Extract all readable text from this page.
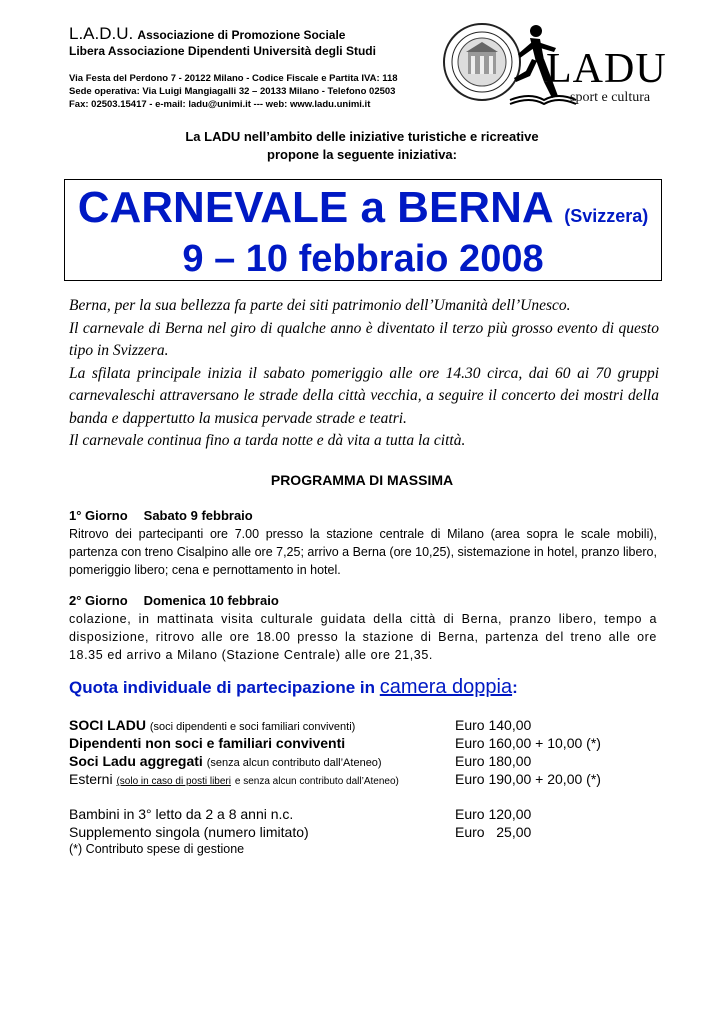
L.A.D.U. Associazione di Promozione Sociale
Libera Associazione Dipendenti Università degli Studi
Via Festa del Perdono 7 - 20122 Milano - Codice Fiscale e Partita IVA: 118
Sede operativa: Via Luigi Mangiagalli 32 – 20133 Milano - Telefono 02503
Fax: 02503.15417 - e-mail: ladu@unimi.it --- web: www.ladu.unimi.it
LADU
sport e cultura
La LADU nell’ambito delle iniziative turistiche e ricreative
propone la seguente iniziativa:
CARNEVALE a BERNA (Svizzera)
9 – 10 febbraio 2008

Berna, per la sua bellezza fa parte dei siti patrimonio dell’Umanità dell’Unesco.

Il carnevale di Berna nel giro di qualche anno è diventato il terzo più grosso evento di questo tipo in Svizzera.

La sfilata principale inizia il sabato pomeriggio alle ore 14.30 circa, dai 60 ai 70 gruppi carnevaleschi attraversano le strade della città vecchia, a seguire il concerto dei mostri della banda e dappertutto la musica pervade strade e teatri.

Il carnevale continua fino a tarda notte e dà vita a tutta la città.

PROGRAMMA DI MASSIMA
1° Giorno Sabato 9 febbraio

Ritrovo dei partecipanti ore 7.00 presso la stazione centrale di Milano (area sopra le scale mobili), partenza con treno Cisalpino alle ore 7,25; arrivo a Berna (ore 10,25), sistemazione in hotel, pranzo libero, pomeriggio libero; cena e pernottamento in hotel.

2° Giorno Domenica 10 febbraio

colazione, in mattinata visita culturale guidata della città di Berna, pranzo libero, tempo a disposizione, ritrovo alle ore 18.00 presso la stazione di Berna, partenza del treno alle ore 18.35 ed arrivo a Milano (Stazione Centrale) alle ore 21,35.

Quota individuale di partecipazione in camera doppia:
SOCI LADU (soci dipendenti e soci familiari conviventi)	Euro 140,00
Dipendenti non soci e familiari conviventi	Euro 160,00 + 10,00 (*)
Soci Ladu aggregati (senza alcun contributo dall’Ateneo)	Euro 180,00
Esterni (solo in caso di posti liberi e senza alcun contributo dall’Ateneo)	Euro 190,00 + 20,00 (*)
Bambini in 3° letto da 2 a 8 anni n.c.	Euro 120,00
Supplemento singola (numero limitato)	Euro   25,00
(*) Contributo spese di gestione
